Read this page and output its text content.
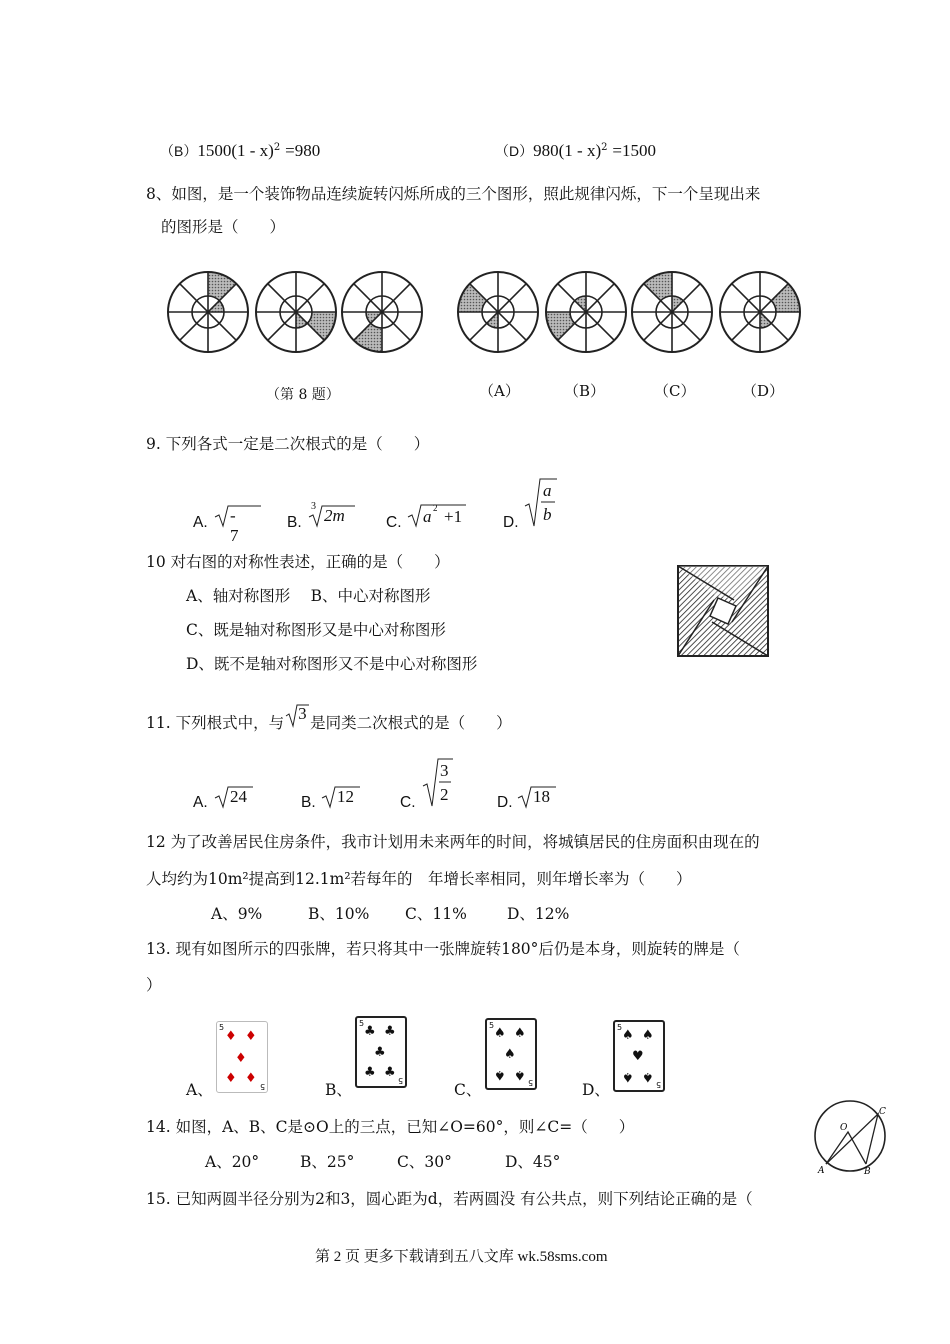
（B）1500(1 - x)$^2$ =980	（D）980(1 - x)$^2$ =1500
8、如图，是一个装饰物品连续旋转闪烁所成的三个图形，照此规律闪烁，下一个呈现出来
的图形是（　　）
（第 8 题）	（A）	（B）	（C）	（D）
9. 下列各式一定是二次根式的是（　　）
A. - 7
B.
3 2m	C. a 2 +1	D.
a
b
10 对右图的对称性表述，正确的是（　　）
A、轴对称图形　 B、中心对称图形
C、既是轴对称图形又是中心对称图形
D、既不是轴对称图形又不是中心对称图形
11. 下列根式中，与 3 是同类二次根式的是（　　）
A. 24	B. 12	C.
3
2	D. 18
12 为了改善居民住房条件，我市计划用未来两年的时间，将城镇居民的住房面积由现在的
人均约为10m²提高到12.1m²若每年的　年增长率相同，则年增长率为（　　）
A、9%	B、10% C、11%	D、12%
13. 现有如图所示的四张牌，若只将其中一张牌旋转180°后仍是本身，则旋转的牌是（
）
A、
5
♦ ♦
♦
♦ ♦
5	B、
5
♣ ♣
♣
♣ ♣
5
C、
5
♠ ♠
♠
♠ ♠
5	D、
5
♠ ♠
♥
♠ ♠
5
14. 如图，A、B、C是⊙O上的三点，已知∠O=60°，则∠C=（　　）
A、20°	B、25°	C、30°	D、45°
O
A	B
C
15. 已知两圆半径分别为2和3，圆心距为d，若两圆没 有公共点，则下列结论正确的是（
第 2 页 更多下载请到五八文库 wk.58sms.com
